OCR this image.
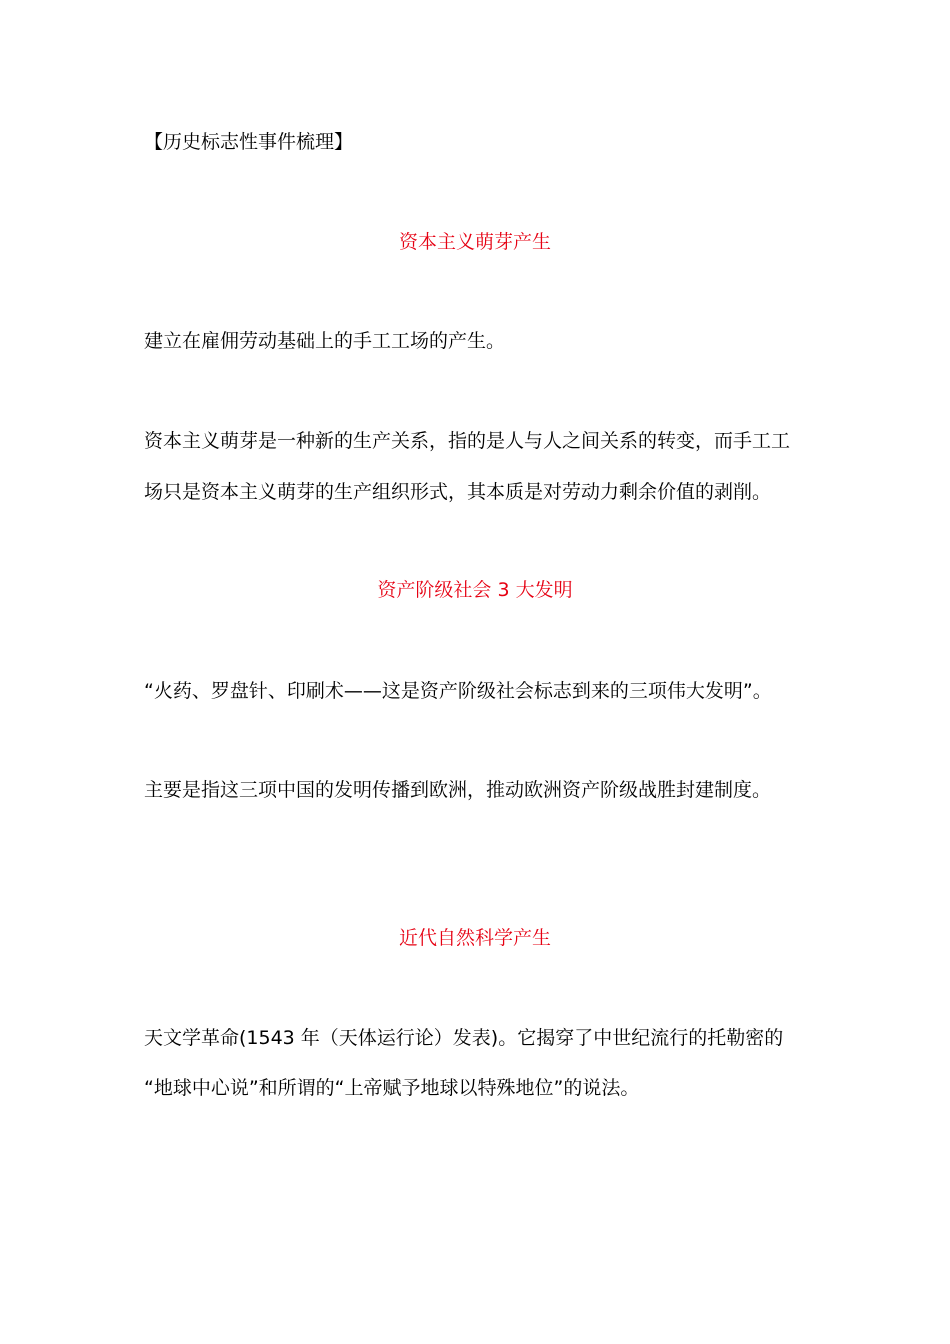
【历史标志性事件梳理】
资本主义萌芽产生
建立在雇佣劳动基础上的手工工场的产生。
资本主义萌芽是一种新的生产关系，指的是人与人之间关系的转变，而手工工
场只是资本主义萌芽的生产组织形式，其本质是对劳动力剩余价值的剥削。
资产阶级社会 3 大发明
“火药、罗盘针、印刷术——这是资产阶级社会标志到来的三项伟大发明”。
主要是指这三项中国的发明传播到欧洲，推动欧洲资产阶级战胜封建制度。
近代自然科学产生
天文学革命(1543 年（天体运行论）发表)。它揭穿了中世纪流行的托勒密的
“地球中心说”和所谓的“上帝赋予地球以特殊地位”的说法。
